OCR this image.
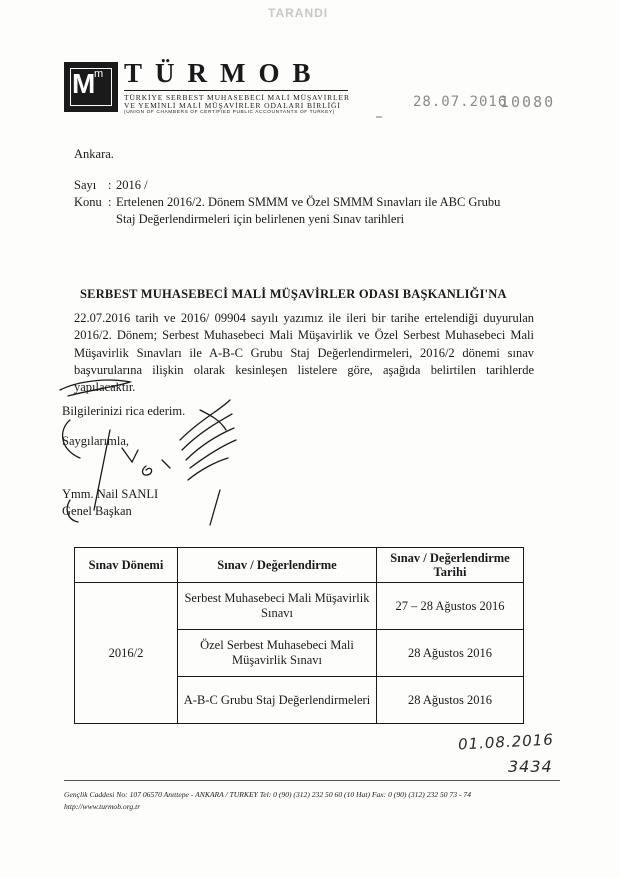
TARANDI
M
m TÜRMOB
TÜRKİYE SERBEST MUHASEBECİ MALİ MÜŞAVİRLER
VE YEMİNLİ MALİ MÜŞAVİRLER ODALARI BİRLİĞİ
(UNION OF CHAMBERS OF CERTIFIED PUBLIC ACCOUNTANTS OF TURKEY)
28.07.2016
10080
Ankara.
Sayı : 2016 /
Konu : Ertelenen 2016/2. Dönem SMMM ve Özel SMMM Sınavları ile ABC Grubu
Staj Değerlendirmeleri için belirlenen yeni Sınav tarihleri
SERBEST MUHASEBECİ MALİ MÜŞAVİRLER ODASI BAŞKANLIĞI'NA
22.07.2016 tarih ve 2016/ 09904 sayılı yazımız ile ileri bir tarihe ertelendiği duyurulan 2016/2. Dönem; Serbest Muhasebeci Mali Müşavirlik ve Özel Serbest Muhasebeci Mali Müşavirlik Sınavları ile A-B-C Grubu Staj Değerlendirmeleri, 2016/2 dönemi sınav başvurularına ilişkin olarak kesinleşen listelere göre, aşağıda belirtilen tarihlerde yapılacaktır.
Bilgilerinizi rica ederim.
Saygılarımla,
Ymm. Nail SANLI
Genel Başkan
Sınav Dönemi	Sınav / Değerlendirme	Sınav / Değerlendirme Tarihi
2016/2	Serbest Muhasebeci Mali Müşavirlik Sınavı	27 – 28 Ağustos 2016
	Özel Serbest Muhasebeci Mali Müşavirlik Sınavı	28 Ağustos 2016
	A-B-C Grubu Staj Değerlendirmeleri	28 Ağustos 2016
01.08.2016
3434
Gençlik Caddesi No: 107 06570 Anıttepe - ANKARA / TURKEY Tel: 0 (90) (312) 232 50 60 (10 Hat) Fax: 0 (90) (312) 232 50 73 - 74
http://www.turmob.org.tr
